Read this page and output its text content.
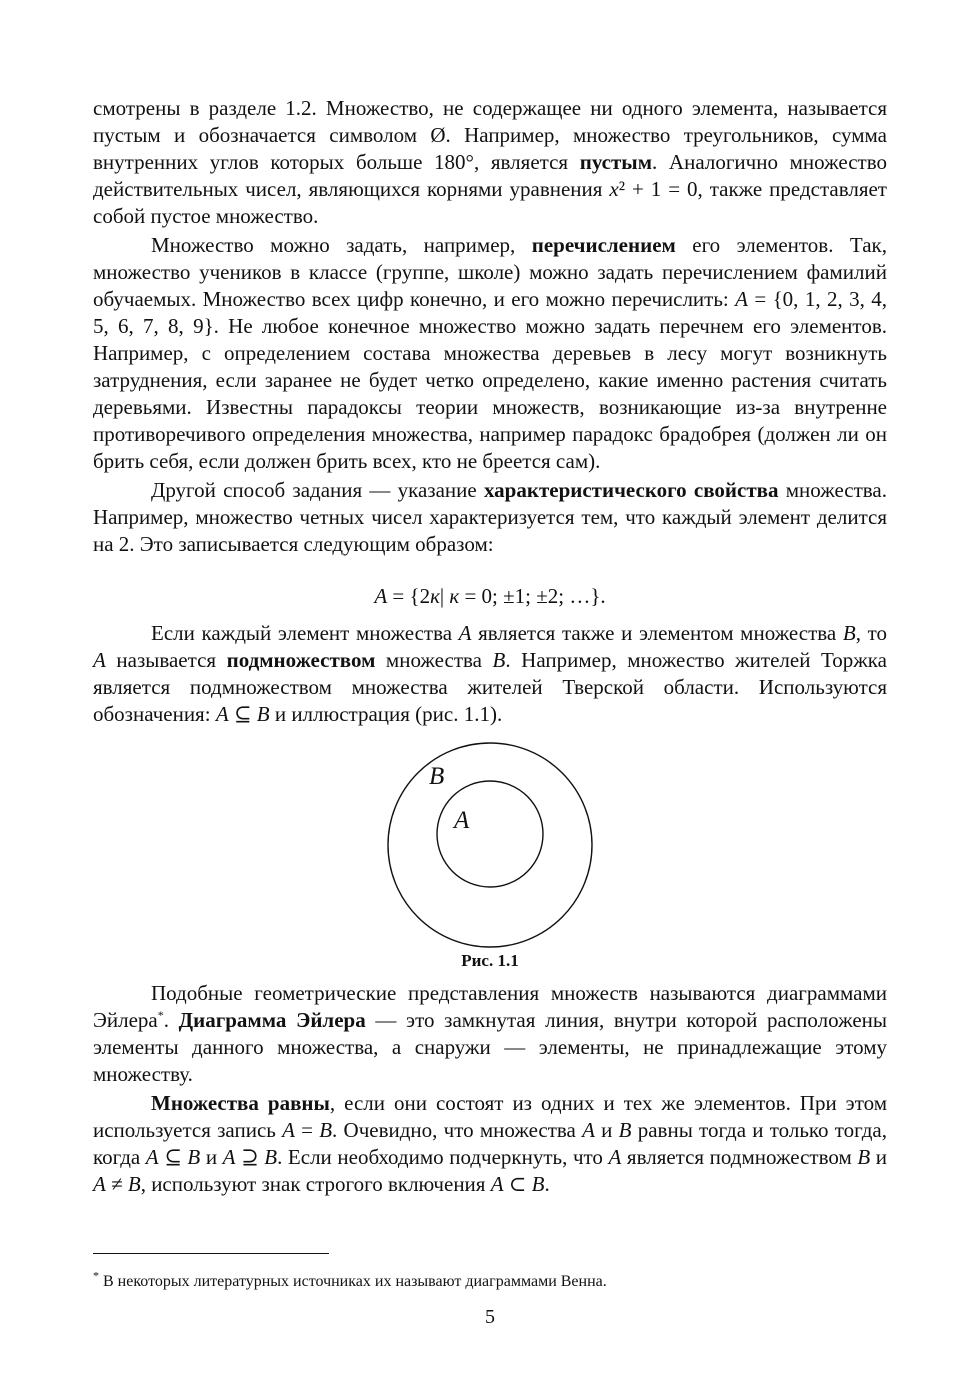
смотрены в разделе 1.2. Множество, не содержащее ни одного элемента, называется пустым и обозначается символом Ø. Например, множество треугольников, сумма внутренних углов которых больше 180°, является пустым. Аналогично множество действительных чисел, являющихся корнями уравнения x² + 1 = 0, также представляет собой пустое множество.

Множество можно задать, например, перечислением его элементов. Так, множество учеников в классе (группе, школе) можно задать перечислением фамилий обучаемых. Множество всех цифр конечно, и его можно перечислить: A = {0, 1, 2, 3, 4, 5, 6, 7, 8, 9}. Не любое конечное множество можно задать перечнем его элементов. Например, с определением состава множества деревьев в лесу могут возникнуть затруднения, если заранее не будет четко определено, какие именно растения считать деревьями. Известны парадоксы теории множеств, возникающие из-за внутренне противоречивого определения множества, например парадокс брадобрея (должен ли он брить себя, если должен брить всех, кто не бреется сам).

Другой способ задания — указание характеристического свойства множества. Например, множество четных чисел характеризуется тем, что каждый элемент делится на 2. Это записывается следующим образом:

A = {2к| к = 0; ±1; ±2; …}.

Если каждый элемент множества A является также и элементом множества B, то A называется подмножеством множества B. Например, множество жителей Торжка является подмножеством множества жителей Тверской области. Используются обозначения: A ⊆ B и иллюстрация (рис. 1.1).

B
A
Рис. 1.1

Подобные геометрические представления множеств называются диаграммами Эйлера*. Диаграмма Эйлера — это замкнутая линия, внутри которой расположены элементы данного множества, а снаружи — элементы, не принадлежащие этому множеству.

Множества равны, если они состоят из одних и тех же элементов. При этом используется запись A = B. Очевидно, что множества A и B равны тогда и только тогда, когда A ⊆ B и A ⊇ B. Если необходимо подчеркнуть, что A является подмножеством B и A ≠ B, используют знак строгого включения A ⊂ B.

* В некоторых литературных источниках их называют диаграммами Венна.
5
